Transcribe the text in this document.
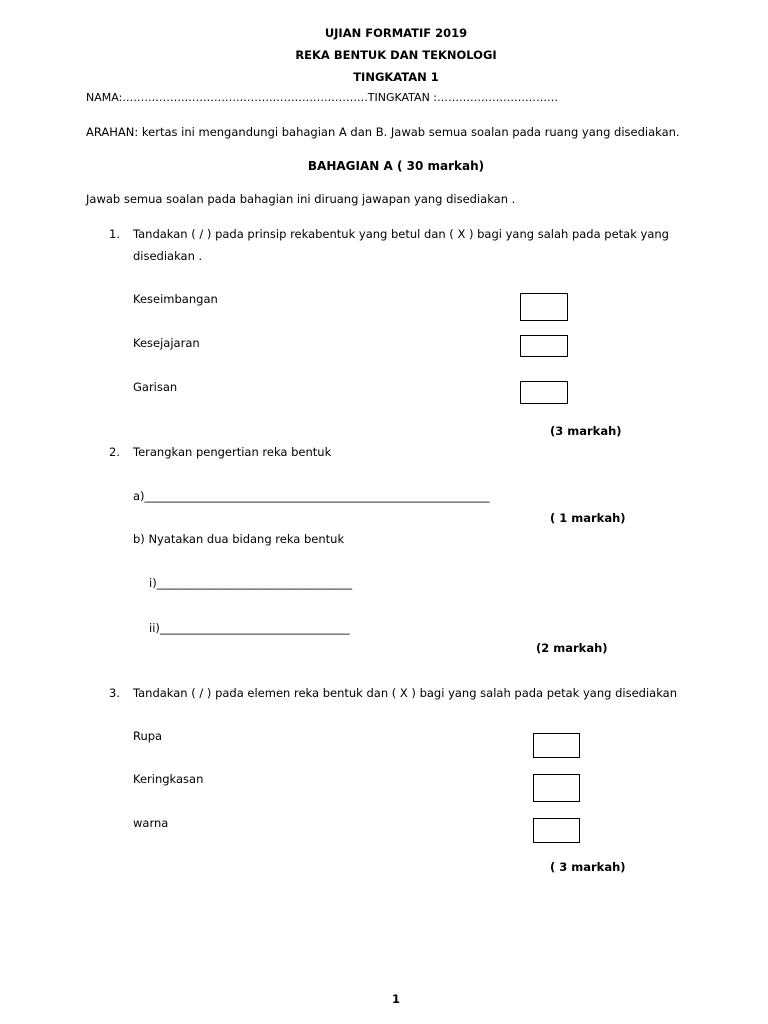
UJIAN FORMATIF 2019
REKA BENTUK DAN TEKNOLOGI
TINGKATAN 1
NAMA:………………………………………………………….TINGKATAN :……………………………
ARAHAN: kertas ini mengandungi bahagian A dan B. Jawab semua soalan pada ruang yang disediakan.
BAHAGIAN A ( 30 markah)
Jawab semua soalan pada bahagian ini diruang jawapan yang disediakan .
1. Tandakan ( / ) pada prinsip rekabentuk yang betul dan ( X ) bagi yang salah pada petak yang
disediakan .
Keseimbangan
Kesejajaran
Garisan
(3 markah)
2. Terangkan pengertian reka bentuk
a)____________________________________________________________
( 1 markah)
b) Nyatakan dua bidang reka bentuk
i)__________________________________
ii)_________________________________
(2 markah)
3. Tandakan ( / ) pada elemen reka bentuk dan ( X ) bagi yang salah pada petak yang disediakan
Rupa
Keringkasan
warna
( 3 markah)
1
